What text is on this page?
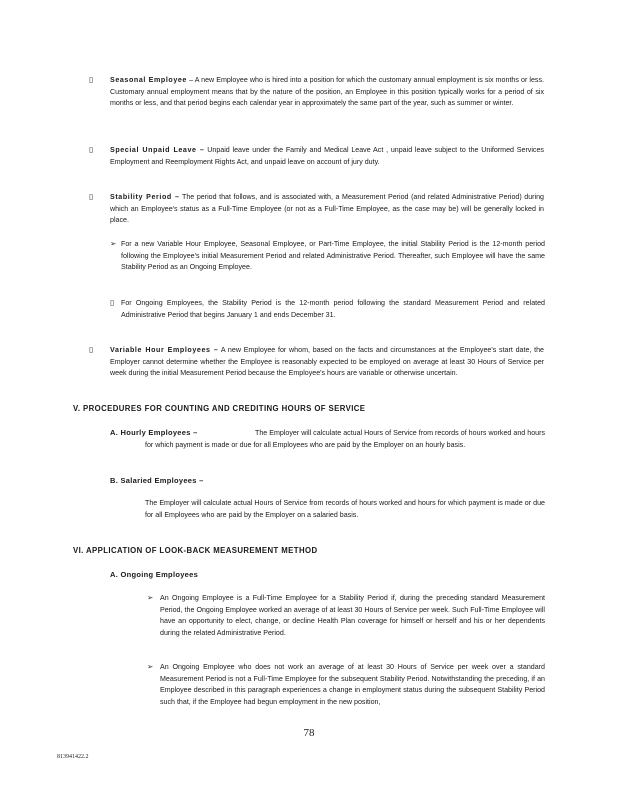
▯ Seasonal Employee – A new Employee who is hired into a position for which the customary annual employment is six months or less. Customary annual employment means that by the nature of the position, an Employee in this position typically works for a period of six months or less, and that period begins each calendar year in approximately the same part of the year, such as summer or winter.
▯ Special Unpaid Leave – Unpaid leave under the Family and Medical Leave Act , unpaid leave subject to the Uniformed Services Employment and Reemployment Rights Act, and unpaid leave on account of jury duty.
▯ Stability Period – The period that follows, and is associated with, a Measurement Period (and related Administrative Period) during which an Employee's status as a Full-Time Employee (or not as a Full-Time Employee, as the case may be) will be generally locked in place.
➢ For a new Variable Hour Employee, Seasonal Employee, or Part-Time Employee, the initial Stability Period is the 12-month period following the Employee's initial Measurement Period and related Administrative Period. Thereafter, such Employee will have the same Stability Period as an Ongoing Employee.
▯ For Ongoing Employees, the Stability Period is the 12-month period following the standard Measurement Period and related Administrative Period that begins January 1 and ends December 31.
▯ Variable Hour Employees – A new Employee for whom, based on the facts and circumstances at the Employee's start date, the Employer cannot determine whether the Employee is reasonably expected to be employed on average at least 30 Hours of Service per week during the initial Measurement Period because the Employee's hours are variable or otherwise uncertain.
V. PROCEDURES FOR COUNTING AND CREDITING HOURS OF SERVICE
A. Hourly Employees –	The Employer will calculate actual Hours of Service from records of hours worked and hours for which payment is made or due for all Employees who are paid by the Employer on an hourly basis.
B. Salaried Employees –
The Employer will calculate actual Hours of Service from records of hours worked and hours for which payment is made or due for all Employees who are paid by the Employer on a salaried basis.
VI. APPLICATION OF LOOK-BACK MEASUREMENT METHOD
A. Ongoing Employees
➢ An Ongoing Employee is a Full-Time Employee for a Stability Period if, during the preceding standard Measurement Period, the Ongoing Employee worked an average of at least 30 Hours of Service per week. Such Full-Time Employee will have an opportunity to elect, change, or decline Health Plan coverage for himself or herself and his or her dependents during the related Administrative Period.
➢ An Ongoing Employee who does not work an average of at least 30 Hours of Service per week over a standard Measurement Period is not a Full-Time Employee for the subsequent Stability Period. Notwithstanding the preceding, if an Employee described in this paragraph experiences a change in employment status during the subsequent Stability Period such that, if the Employee had begun employment in the new position,
78
813941422.2
